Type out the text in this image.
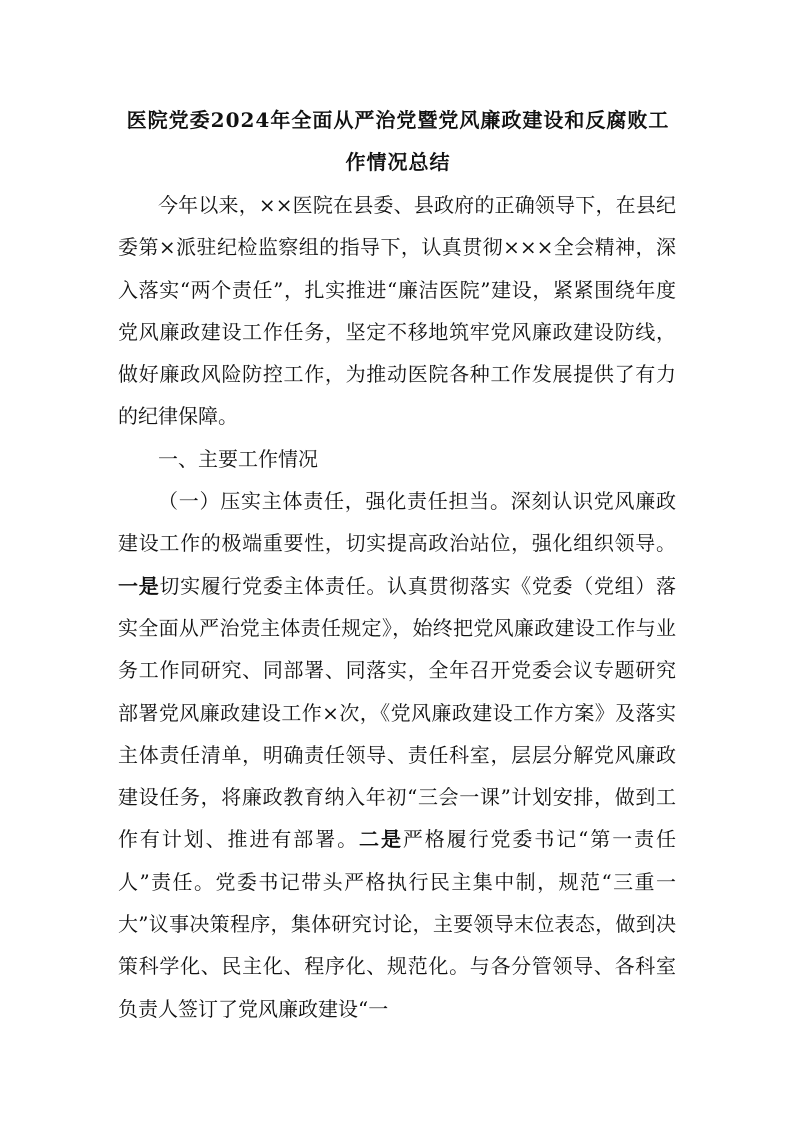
医院党委2024年全面从严治党暨党风廉政建设和反腐败工
作情况总结

今年以来，××医院在县委、县政府的正确领导下，在县纪委第×派驻纪检监察组的指导下，认真贯彻×××全会精神，深入落实“两个责任”，扎实推进“廉洁医院”建设，紧紧围绕年度党风廉政建设工作任务，坚定不移地筑牢党风廉政建设防线，做好廉政风险防控工作，为推动医院各种工作发展提供了有力的纪律保障。

一、主要工作情况

（一）压实主体责任，强化责任担当。深刻认识党风廉政建设工作的极端重要性，切实提高政治站位，强化组织领导。一是切实履行党委主体责任。认真贯彻落实《党委（党组）落实全面从严治党主体责任规定》，始终把党风廉政建设工作与业务工作同研究、同部署、同落实，全年召开党委会议专题研究部署党风廉政建设工作×次，《党风廉政建设工作方案》及落实主体责任清单，明确责任领导、责任科室，层层分解党风廉政建设任务，将廉政教育纳入年初“三会一课”计划安排，做到工作有计划、推进有部署。二是严格履行党委书记“第一责任人”责任。党委书记带头严格执行民主集中制，规范“三重一大”议事决策程序，集体研究讨论，主要领导末位表态，做到决策科学化、民主化、程序化、规范化。与各分管领导、各科室负责人签订了党风廉政建设“一
